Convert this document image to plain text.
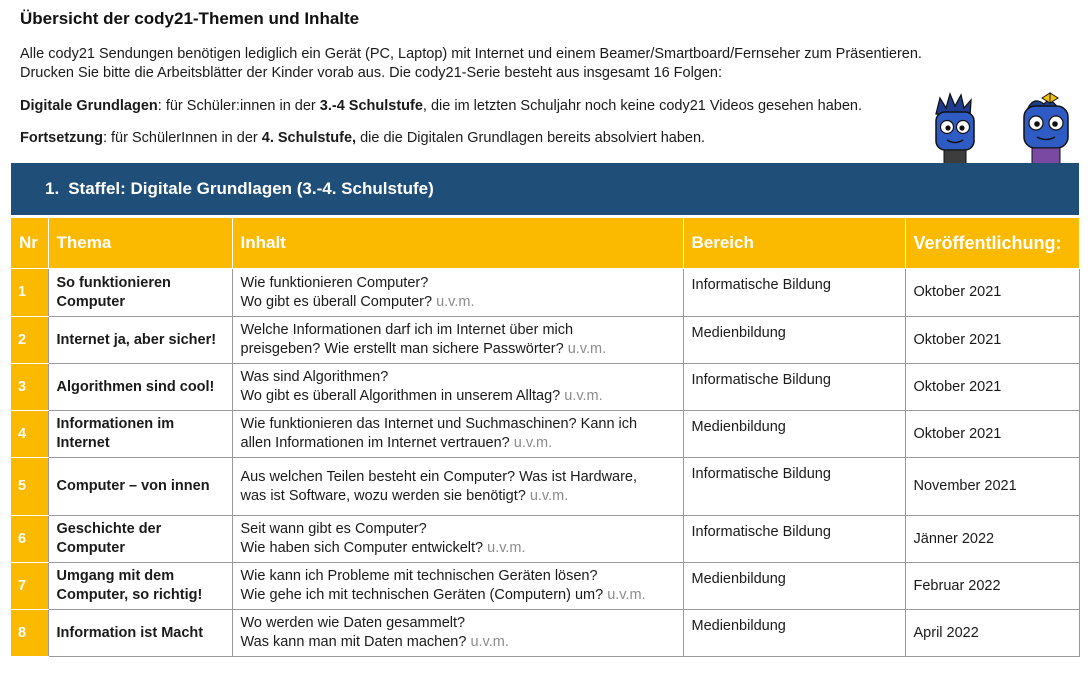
Übersicht der cody21-Themen und Inhalte
Alle cody21 Sendungen benötigen lediglich ein Gerät (PC, Laptop) mit Internet und einem Beamer/Smartboard/Fernseher zum Präsentieren.
Drucken Sie bitte die Arbeitsblätter der Kinder vorab aus. Die cody21-Serie besteht aus insgesamt 16 Folgen:
Digitale Grundlagen: für Schüler:innen in der 3.-4 Schulstufe, die im letzten Schuljahr noch keine cody21 Videos gesehen haben.
Fortsetzung: für SchülerInnen in der 4. Schulstufe, die die Digitalen Grundlagen bereits absolviert haben.
1. Staffel: Digitale Grundlagen (3.-4. Schulstufe)
Nr	Thema	Inhalt	Bereich	Veröffentlichung:
1	So funktionieren Computer	Wie funktionieren Computer?
Wo gibt es überall Computer? u.v.m.	Informatische Bildung	Oktober 2021
2	Internet ja, aber sicher!	Welche Informationen darf ich im Internet über mich
preisgeben? Wie erstellt man sichere Passwörter? u.v.m.	Medienbildung	Oktober 2021
3	Algorithmen sind cool!	Was sind Algorithmen?
Wo gibt es überall Algorithmen in unserem Alltag? u.v.m.	Informatische Bildung	Oktober 2021
4	Informationen im Internet	Wie funktionieren das Internet und Suchmaschinen? Kann ich
allen Informationen im Internet vertrauen? u.v.m.	Medienbildung	Oktober 2021
5	Computer – von innen	Aus welchen Teilen besteht ein Computer? Was ist Hardware,
was ist Software, wozu werden sie benötigt? u.v.m.	Informatische Bildung	November 2021
6	Geschichte der Computer	Seit wann gibt es Computer?
Wie haben sich Computer entwickelt? u.v.m.	Informatische Bildung	Jänner 2022
7	Umgang mit dem Computer, so richtig!	Wie kann ich Probleme mit technischen Geräten lösen?
Wie gehe ich mit technischen Geräten (Computern) um? u.v.m.	Medienbildung	Februar 2022
8	Information ist Macht	Wo werden wie Daten gesammelt?
Was kann man mit Daten machen? u.v.m.	Medienbildung	April 2022
